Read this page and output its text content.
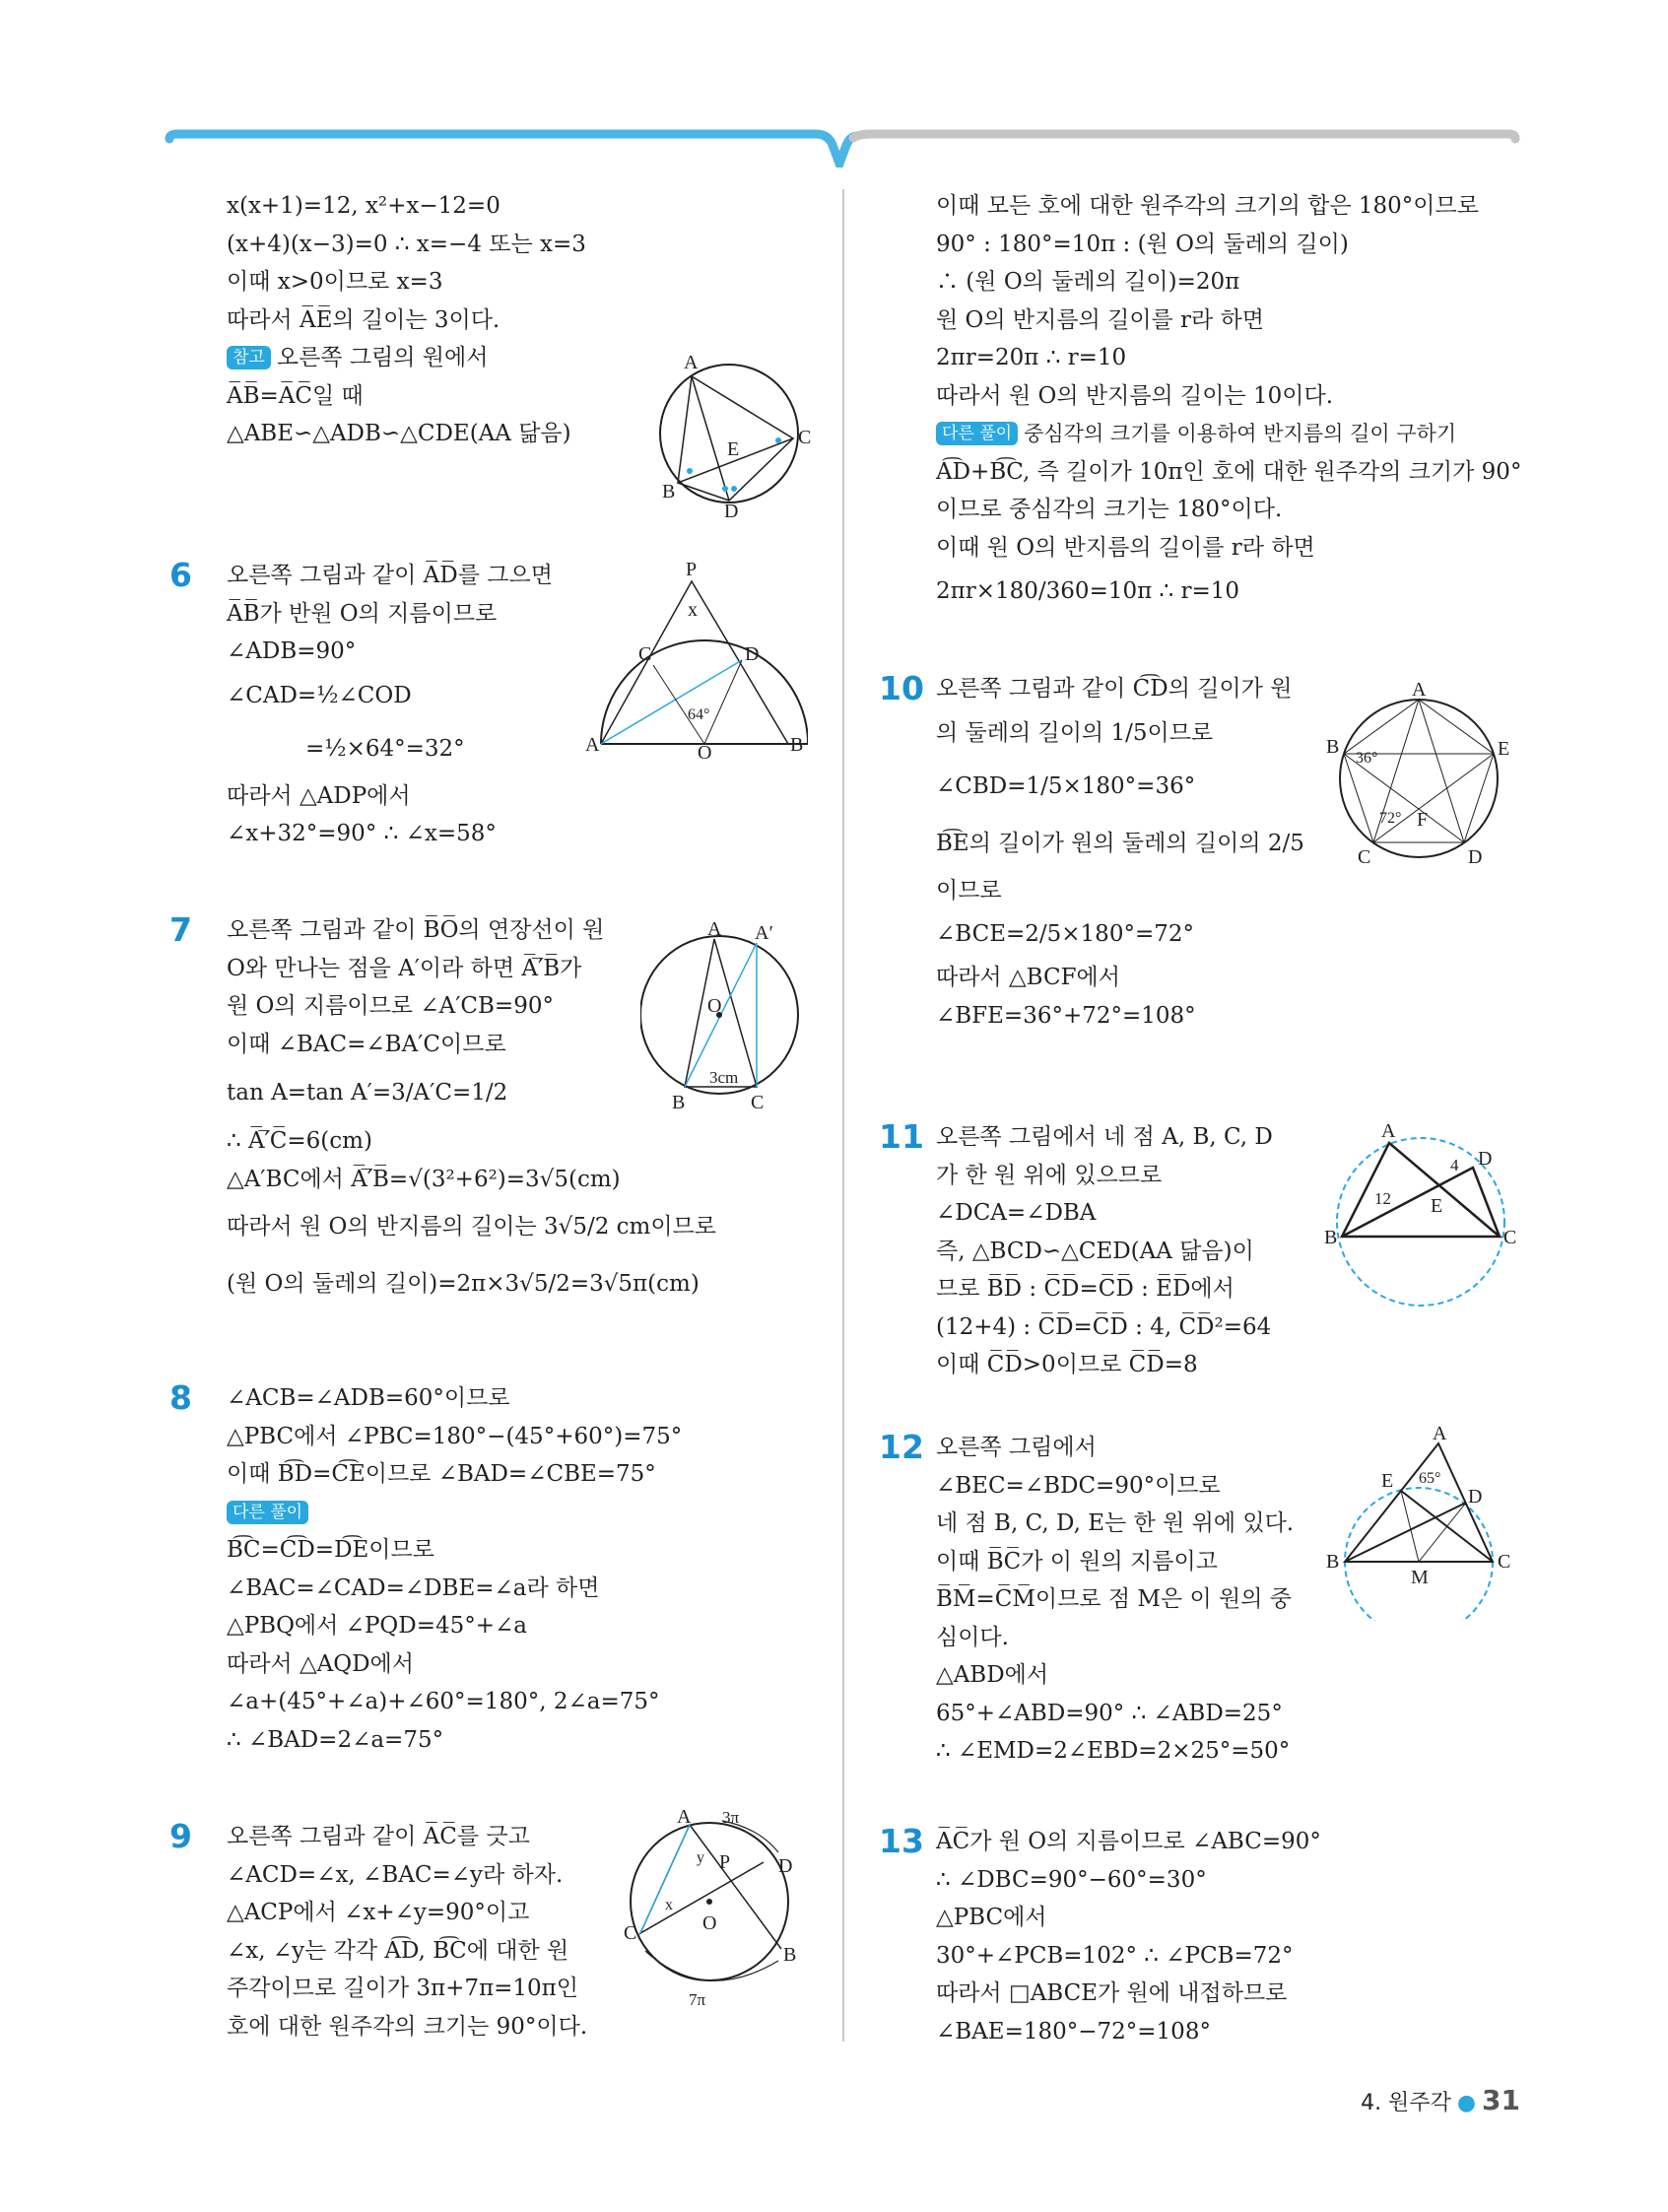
x(x+1)=12, x²+x−12=0
(x+4)(x−3)=0 ∴ x=−4 또는 x=3
이때 x>0이므로 x=3
따라서 A̅E̅의 길이는 3이다.
참고 오른쪽 그림의 원에서
A̅B̅=A̅C̅일 때
△ABE∽△ADB∽△CDE(AA 닮음)
6 오른쪽 그림과 같이 A̅D̅를 그으면
A̅B̅가 반원 O의 지름이므로
∠ADB=90°
∠CAD=½∠COD
=½×64°=32°
따라서 △ADP에서
∠x+32°=90° ∴ ∠x=58°
7 오른쪽 그림과 같이 B̅O̅의 연장선이 원
O와 만나는 점을 A′이라 하면 A̅′̅B̅가
원 O의 지름이므로 ∠A′CB=90°
이때 ∠BAC=∠BA′C이므로
tan A=tan A′=3/A′C=1/2
∴ A̅′̅C̅=6(cm)
△A′BC에서 A̅′̅B̅=√(3²+6²)=3√5(cm)
따라서 원 O의 반지름의 길이는 3√5/2 cm이므로
(원 O의 둘레의 길이)=2π×3√5/2=3√5π(cm)
8 ∠ACB=∠ADB=60°이므로
△PBC에서 ∠PBC=180°−(45°+60°)=75°
이때 B͡D=C͡E이므로 ∠BAD=∠CBE=75°
다른 풀이
B͡C=C͡D=D͡E이므로
∠BAC=∠CAD=∠DBE=∠a라 하면
△PBQ에서 ∠PQD=45°+∠a
따라서 △AQD에서
∠a+(45°+∠a)+∠60°=180°, 2∠a=75°
∴ ∠BAD=2∠a=75°
9 오른쪽 그림과 같이 A̅C̅를 긋고
∠ACD=∠x, ∠BAC=∠y라 하자.
△ACP에서 ∠x+∠y=90°이고
∠x, ∠y는 각각 A͡D, B͡C에 대한 원
주각이므로 길이가 3π+7π=10π인
호에 대한 원주각의 크기는 90°이다.
이때 모든 호에 대한 원주각의 크기의 합은 180°이므로
90° : 180°=10π : (원 O의 둘레의 길이)
∴ (원 O의 둘레의 길이)=20π
원 O의 반지름의 길이를 r라 하면
2πr=20π ∴ r=10
따라서 원 O의 반지름의 길이는 10이다.
다른 풀이 중심각의 크기를 이용하여 반지름의 길이 구하기
A͡D+B͡C, 즉 길이가 10π인 호에 대한 원주각의 크기가 90°
이므로 중심각의 크기는 180°이다.
이때 원 O의 반지름의 길이를 r라 하면
2πr×180/360=10π ∴ r=10
10 오른쪽 그림과 같이 C͡D의 길이가 원
의 둘레의 길이의 1/5이므로
∠CBD=1/5×180°=36°
B͡E의 길이가 원의 둘레의 길이의 2/5
이므로
∠BCE=2/5×180°=72°
따라서 △BCF에서
∠BFE=36°+72°=108°
11 오른쪽 그림에서 네 점 A, B, C, D
가 한 원 위에 있으므로
∠DCA=∠DBA
즉, △BCD∽△CED(AA 닮음)이
므로 B̅D̅ : C̅D̅=C̅D̅ : E̅D̅에서
(12+4) : C̅D̅=C̅D̅ : 4, C̅D̅²=64
이때 C̅D̅>0이므로 C̅D̅=8
12 오른쪽 그림에서
∠BEC=∠BDC=90°이므로
네 점 B, C, D, E는 한 원 위에 있다.
이때 B̅C̅가 이 원의 지름이고
B̅M̅=C̅M̅이므로 점 M은 이 원의 중
심이다.
△ABD에서
65°+∠ABD=90° ∴ ∠ABD=25°
∴ ∠EMD=2∠EBD=2×25°=50°
13 A̅C̅가 원 O의 지름이므로 ∠ABC=90°
∴ ∠DBC=90°−60°=30°
△PBC에서
30°+∠PCB=102° ∴ ∠PCB=72°
따라서 □ABCE가 원에 내접하므로
∠BAE=180°−72°=108°
A
B
C
D
E
P
x
C	D
A	O	B
64°
A A′
O
3cm
B	C
A 3π
D
y P
x
C	O
B
7π
A
B	E
36°
72° F
C	D
A
D
4
12 E
B	C
A
E 65°
D
B
M
C
4. 원주각 ● 31
